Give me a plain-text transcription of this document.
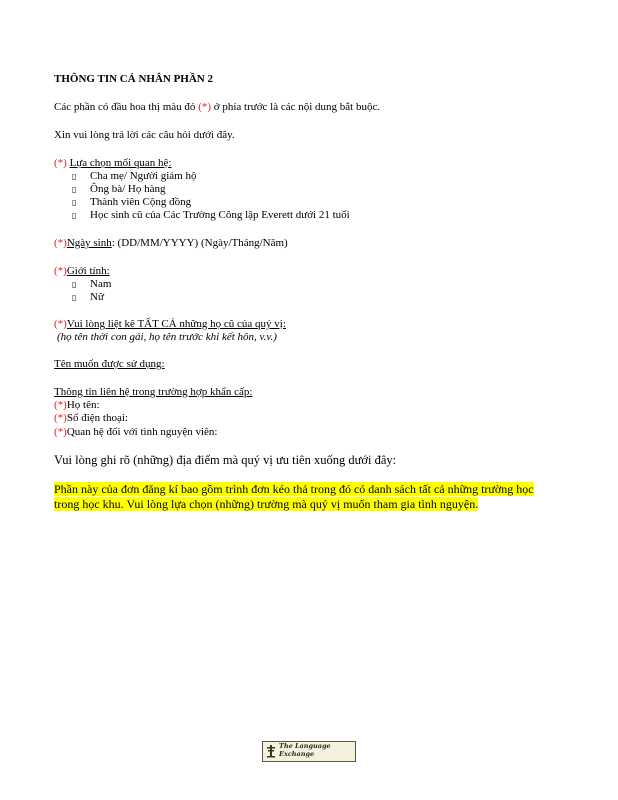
THÔNG TIN CÁ NHÂN PHẦN 2
Các phần có đầu hoa thị màu đỏ (*) ở phía trước là các nội dung bắt buộc.
Xin vui lòng trả lời các câu hỏi dưới đây.
(*) Lựa chọn mối quan hệ:
▯ Cha mẹ/ Người giám hộ
▯ Ông bà/ Họ hàng
▯ Thành viên Cộng đồng
▯ Học sinh cũ của Các Trường Công lập Everett dưới 21 tuổi
(*)Ngày sinh: (DD/MM/YYYY) (Ngày/Tháng/Năm)
(*)Giới tính:
▯ Nam
▯ Nữ
(*)Vui lòng liệt kê TẤT CẢ những họ cũ của quý vị:
(họ tên thời con gái, họ tên trước khi kết hôn, v.v.)
Tên muốn được sử dụng:
Thông tin liên hệ trong trường hợp khẩn cấp:
(*)Họ tên:
(*)Số điện thoại:
(*)Quan hệ đối với tình nguyện viên:
Vui lòng ghi rõ (những) địa điểm mà quý vị ưu tiên xuống dưới đây:
Phần này của đơn đăng kí bao gồm trình đơn kéo thả trong đó có danh sách tất cả những trường học trong học khu. Vui lòng lựa chọn (những) trường mà quý vị muốn tham gia tình nguyện.
The Language Exchange
